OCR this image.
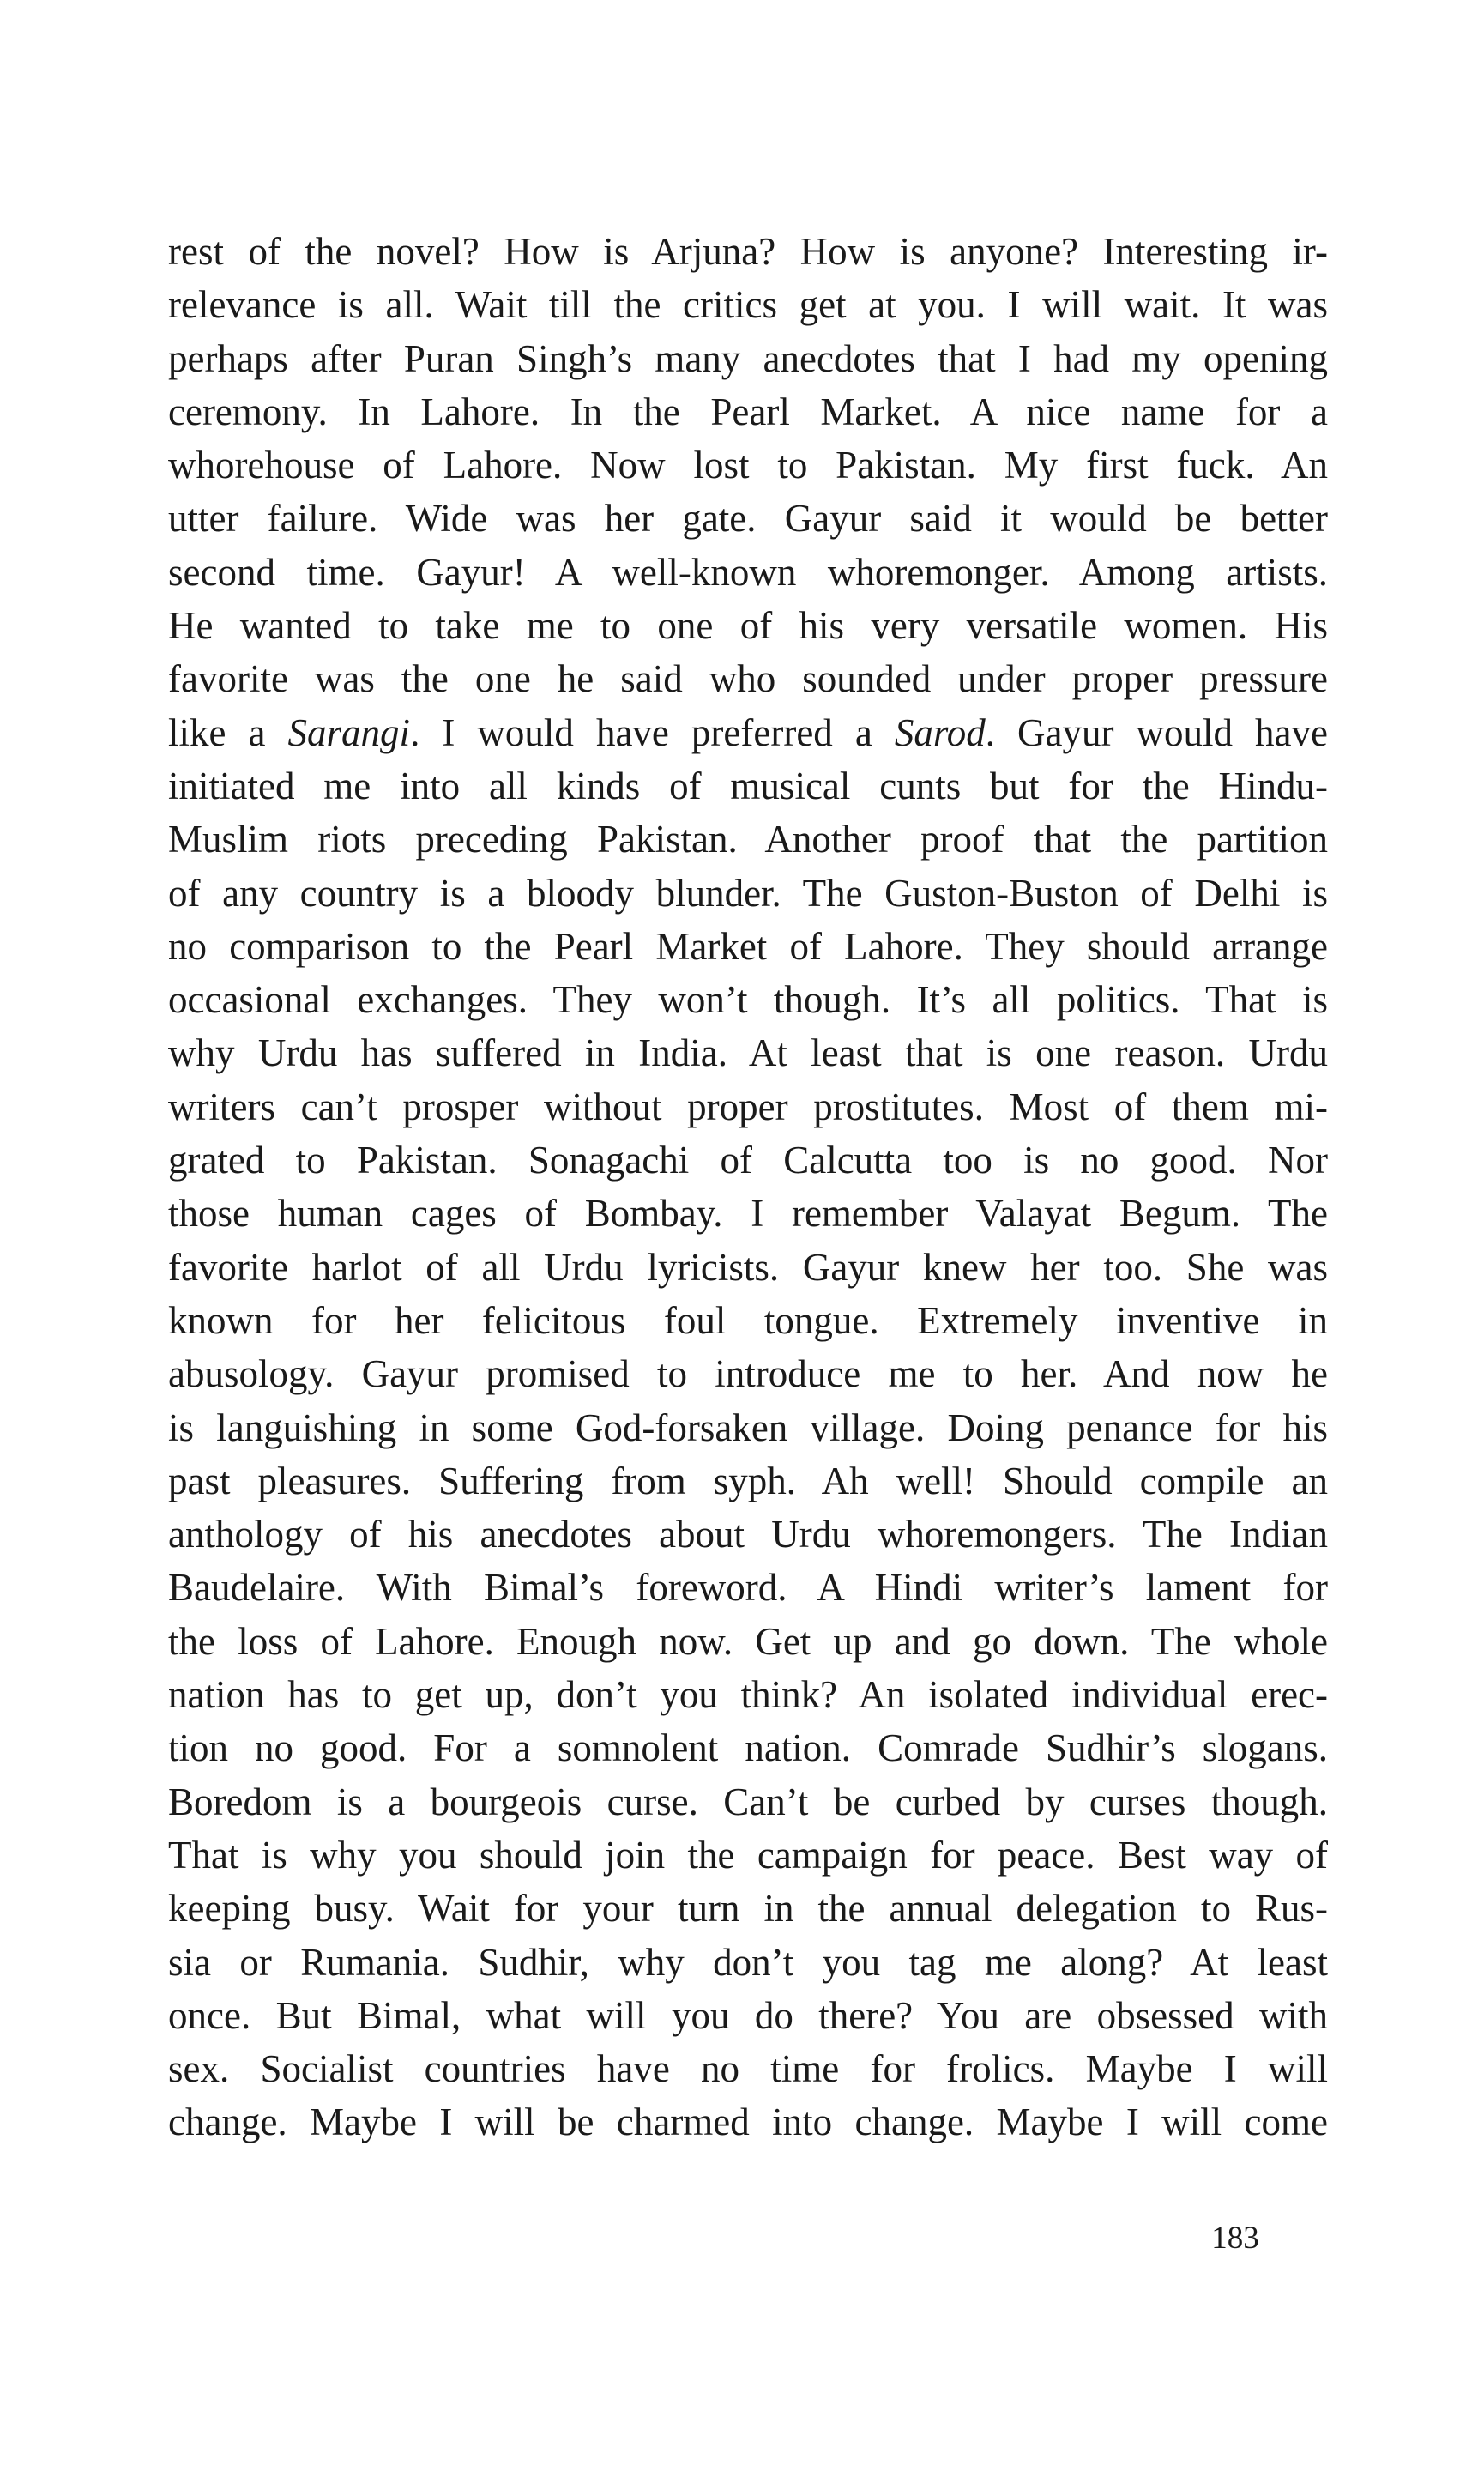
rest of the novel? How is Arjuna? How is anyone? Interesting ir-
relevance is all. Wait till the critics get at you. I will wait. It was
perhaps after Puran Singh’s many anecdotes that I had my opening
ceremony. In Lahore. In the Pearl Market. A nice name for a
whorehouse of Lahore. Now lost to Pakistan. My first fuck. An
utter failure. Wide was her gate. Gayur said it would be better
second time. Gayur! A well-known whoremonger. Among artists.
He wanted to take me to one of his very versatile women. His
favorite was the one he said who sounded under proper pressure
like a Sarangi. I would have preferred a Sarod. Gayur would have
initiated me into all kinds of musical cunts but for the Hindu-
Muslim riots preceding Pakistan. Another proof that the partition
of any country is a bloody blunder. The Guston-Buston of Delhi is
no comparison to the Pearl Market of Lahore. They should arrange
occasional exchanges. They won’t though. It’s all politics. That is
why Urdu has suffered in India. At least that is one reason. Urdu
writers can’t prosper without proper prostitutes. Most of them mi-
grated to Pakistan. Sonagachi of Calcutta too is no good. Nor
those human cages of Bombay. I remember Valayat Begum. The
favorite harlot of all Urdu lyricists. Gayur knew her too. She was
known for her felicitous foul tongue. Extremely inventive in
abusology. Gayur promised to introduce me to her. And now he
is languishing in some God-forsaken village. Doing penance for his
past pleasures. Suffering from syph. Ah well! Should compile an
anthology of his anecdotes about Urdu whoremongers. The Indian
Baudelaire. With Bimal’s foreword. A Hindi writer’s lament for
the loss of Lahore. Enough now. Get up and go down. The whole
nation has to get up, don’t you think? An isolated individual erec-
tion no good. For a somnolent nation. Comrade Sudhir’s slogans.
Boredom is a bourgeois curse. Can’t be curbed by curses though.
That is why you should join the campaign for peace. Best way of
keeping busy. Wait for your turn in the annual delegation to Rus-
sia or Rumania. Sudhir, why don’t you tag me along? At least
once. But Bimal, what will you do there? You are obsessed with
sex. Socialist countries have no time for frolics. Maybe I will
change. Maybe I will be charmed into change. Maybe I will come
183
